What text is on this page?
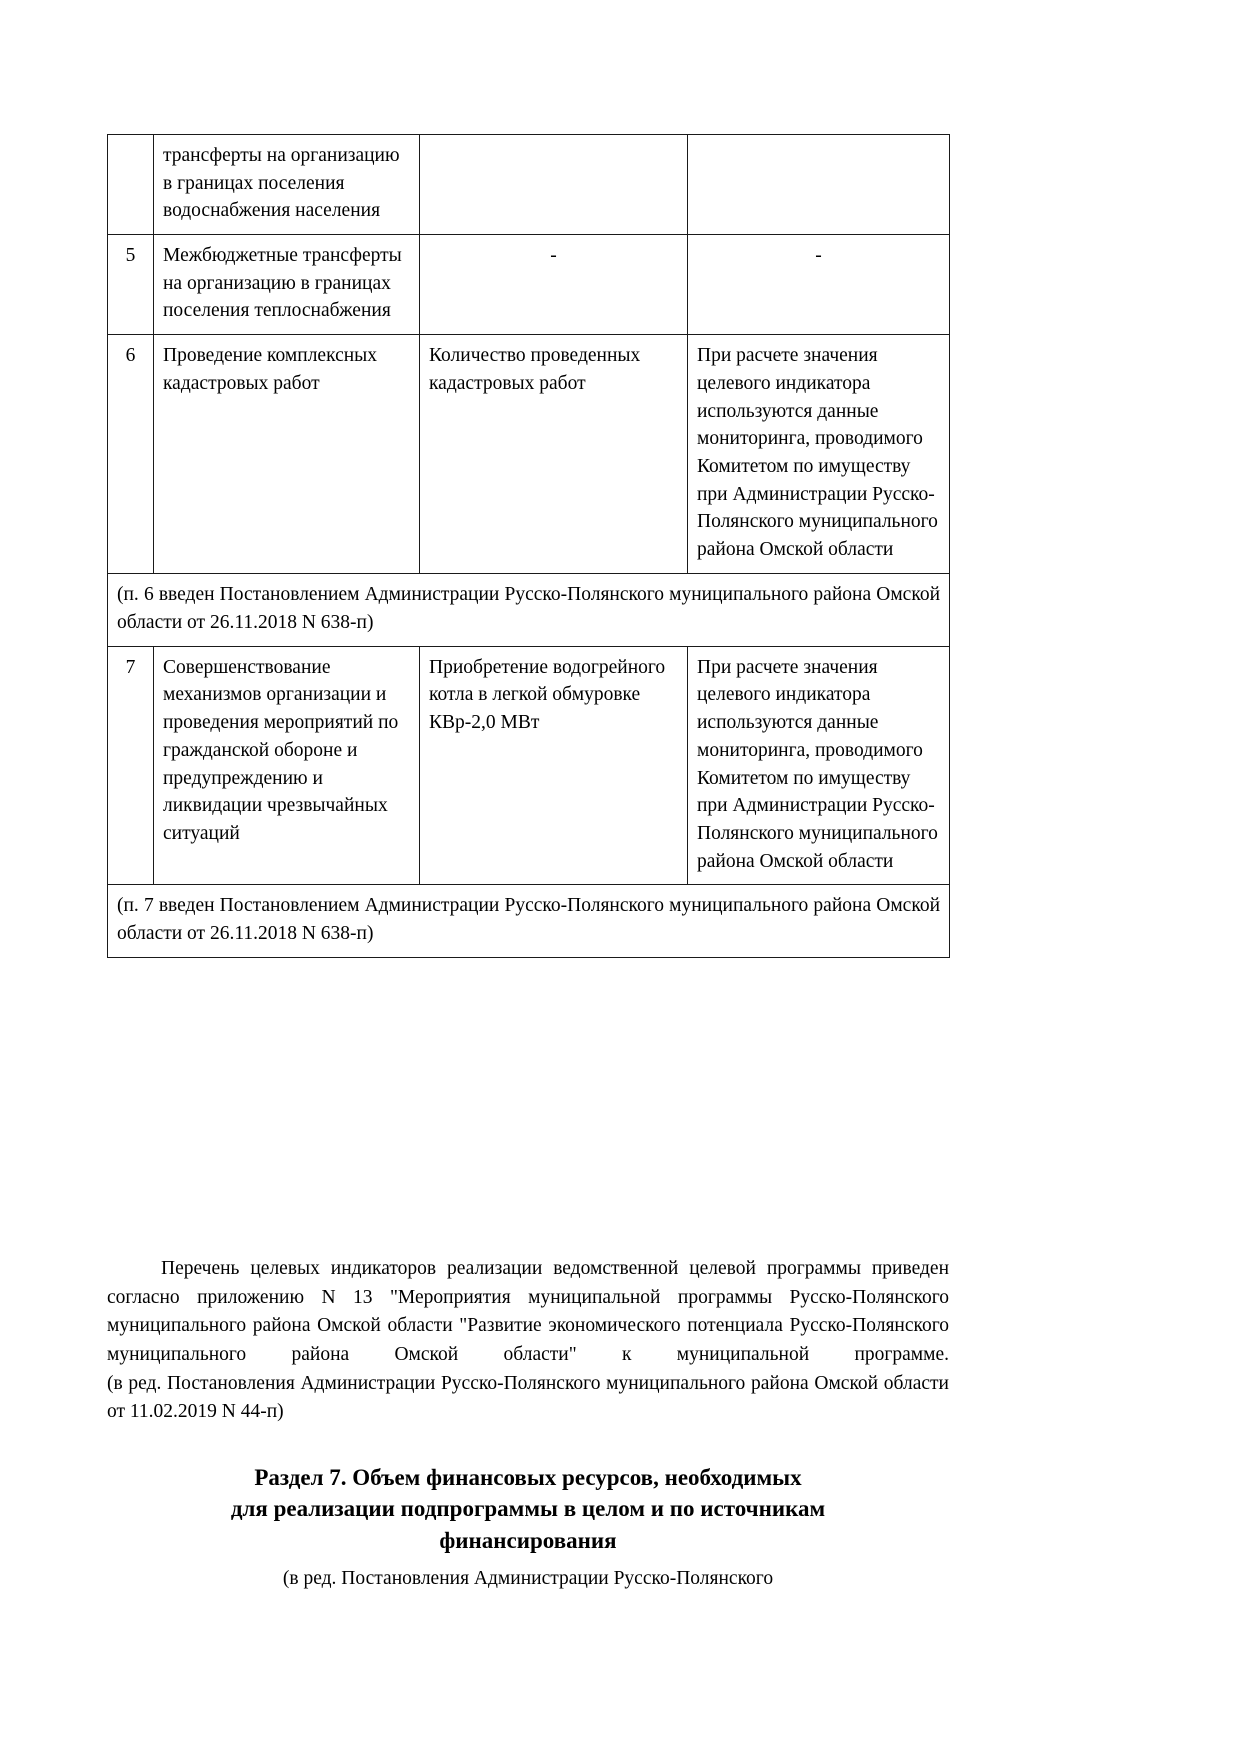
	трансферты на организацию в границах поселения водоснабжения населения		
5	Межбюджетные трансферты на организацию в границах поселения теплоснабжения	-	-
6	Проведение комплексных кадастровых работ	Количество проведенных кадастровых работ	При расчете значения целевого индикатора используются данные мониторинга, проводимого Комитетом по имуществу при Администрации Русско-Полянского муниципального района Омской области
(п. 6 введен Постановлением Администрации Русско-Полянского муниципального района Омской области от 26.11.2018 N 638-п)			
7	Совершенствование механизмов организации и проведения мероприятий по гражданской обороне и предупреждению и ликвидации чрезвычайных ситуаций	Приобретение водогрейного котла в легкой обмуровке КВр-2,0 МВт	При расчете значения целевого индикатора используются данные мониторинга, проводимого Комитетом по имуществу при Администрации Русско-Полянского муниципального района Омской области
(п. 7 введен Постановлением Администрации Русско-Полянского муниципального района Омской области от 26.11.2018 N 638-п)			

Перечень целевых индикаторов реализации ведомственной целевой программы приведен согласно приложению N 13 "Мероприятия муниципальной программы Русско-Полянского муниципального района Омской области "Развитие экономического потенциала Русско-Полянского муниципального района Омской области" к муниципальной программе.

(в ред. Постановления Администрации Русско-Полянского муниципального района Омской области от 11.02.2019 N 44-п)

Раздел 7. Объем финансовых ресурсов, необходимых
для реализации подпрограммы в целом и по источникам
финансирования
(в ред. Постановления Администрации Русско-Полянского
